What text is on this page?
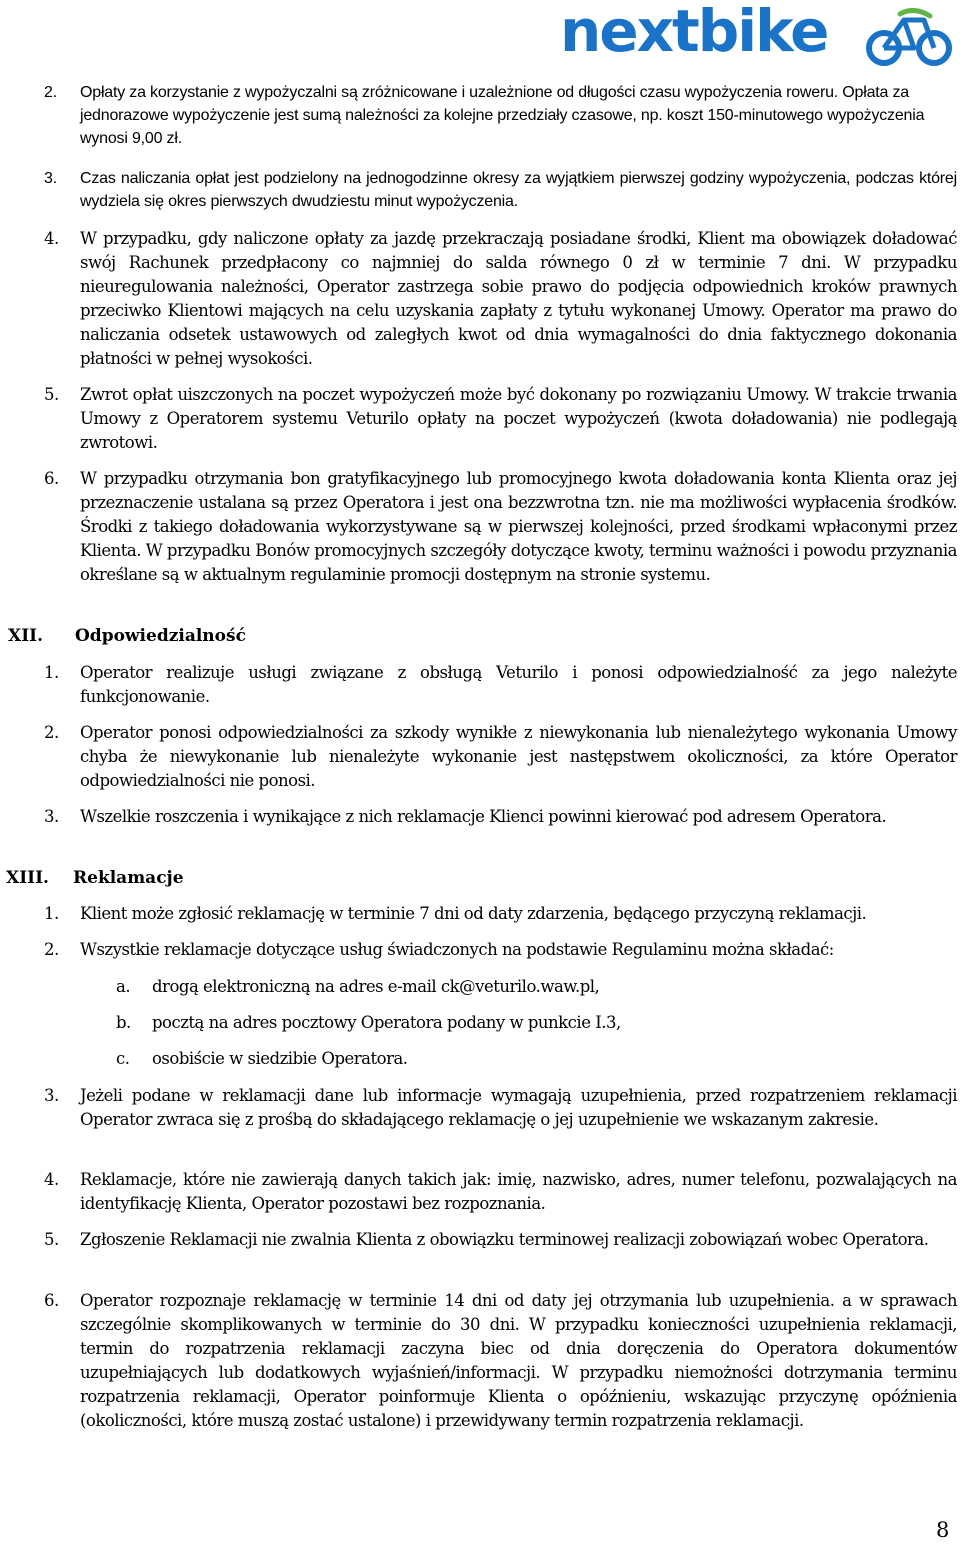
nextbike
2.	Opłaty za korzystanie z wypożyczalni są zróżnicowane i uzależnione od długości czasu wypożyczenia roweru. Opłata za jednorazowe wypożyczenie jest sumą należności za kolejne przedziały czasowe, np. koszt 150-minutowego wypożyczenia wynosi 9,00 zł.
3.	Czas naliczania opłat jest podzielony na jednogodzinne okresy za wyjątkiem pierwszej godziny wypożyczenia, podczas której wydziela się okres pierwszych dwudziestu minut wypożyczenia.
4.	W przypadku, gdy naliczone opłaty za jazdę przekraczają posiadane środki, Klient ma obowiązek doładować swój Rachunek przedpłacony co najmniej do salda równego 0 zł w terminie 7 dni. W przypadku nieuregulowania należności, Operator zastrzega sobie prawo do podjęcia odpowiednich kroków prawnych przeciwko Klientowi mających na celu uzyskania zapłaty z tytułu wykonanej Umowy. Operator ma prawo do naliczania odsetek ustawowych od zaległych kwot od dnia wymagalności do dnia faktycznego dokonania płatności w pełnej wysokości.
5.	Zwrot opłat uiszczonych na poczet wypożyczeń może być dokonany po rozwiązaniu Umowy. W trakcie trwania Umowy z Operatorem systemu Veturilo opłaty na poczet wypożyczeń (kwota doładowania) nie podlegają zwrotowi.
6.	W przypadku otrzymania bon gratyfikacyjnego lub promocyjnego kwota doładowania konta Klienta oraz jej przeznaczenie ustalana są przez Operatora i jest ona bezzwrotna tzn. nie ma możliwości wypłacenia środków. Środki z takiego doładowania wykorzystywane są w pierwszej kolejności, przed środkami wpłaconymi przez Klienta. W przypadku Bonów promocyjnych szczegóły dotyczące kwoty, terminu ważności i powodu przyznania określane są w aktualnym regulaminie promocji dostępnym na stronie systemu.
XII. Odpowiedzialność
1.	Operator realizuje usługi związane z obsługą Veturilo i ponosi odpowiedzialność za jego należyte funkcjonowanie.
2.	Operator ponosi odpowiedzialności za szkody wynikłe z niewykonania lub nienależytego wykonania Umowy chyba że niewykonanie lub nienależyte wykonanie jest następstwem okoliczności, za które Operator odpowiedzialności nie ponosi.
3.	Wszelkie roszczenia i wynikające z nich reklamacje Klienci powinni kierować pod adresem Operatora.
XIII. Reklamacje
1.	Klient może zgłosić reklamację w terminie 7 dni od daty zdarzenia, będącego przyczyną reklamacji.
2.	Wszystkie reklamacje dotyczące usług świadczonych na podstawie Regulaminu można składać:
a.	drogą elektroniczną na adres e-mail ck@veturilo.waw.pl,
b.	pocztą na adres pocztowy Operatora podany w punkcie I.3,
c.	osobiście w siedzibie Operatora.
3.	Jeżeli podane w reklamacji dane lub informacje wymagają uzupełnienia, przed rozpatrzeniem reklamacji Operator zwraca się z prośbą do składającego reklamację o jej uzupełnienie we wskazanym zakresie.
4.	Reklamacje, które nie zawierają danych takich jak: imię, nazwisko, adres, numer telefonu, pozwalających na identyfikację Klienta, Operator pozostawi bez rozpoznania.
5.	Zgłoszenie Reklamacji nie zwalnia Klienta z obowiązku terminowej realizacji zobowiązań wobec Operatora.
6.	Operator rozpoznaje reklamację w terminie 14 dni od daty jej otrzymania lub uzupełnienia. a w sprawach szczególnie skomplikowanych w terminie do 30 dni. W przypadku konieczności uzupełnienia reklamacji, termin do rozpatrzenia reklamacji zaczyna biec od dnia doręczenia do Operatora dokumentów uzupełniających lub dodatkowych wyjaśnień/informacji. W przypadku niemożności dotrzymania terminu rozpatrzenia reklamacji, Operator poinformuje Klienta o opóźnieniu, wskazując przyczynę opóźnienia (okoliczności, które muszą zostać ustalone) i przewidywany termin rozpatrzenia reklamacji.
8
